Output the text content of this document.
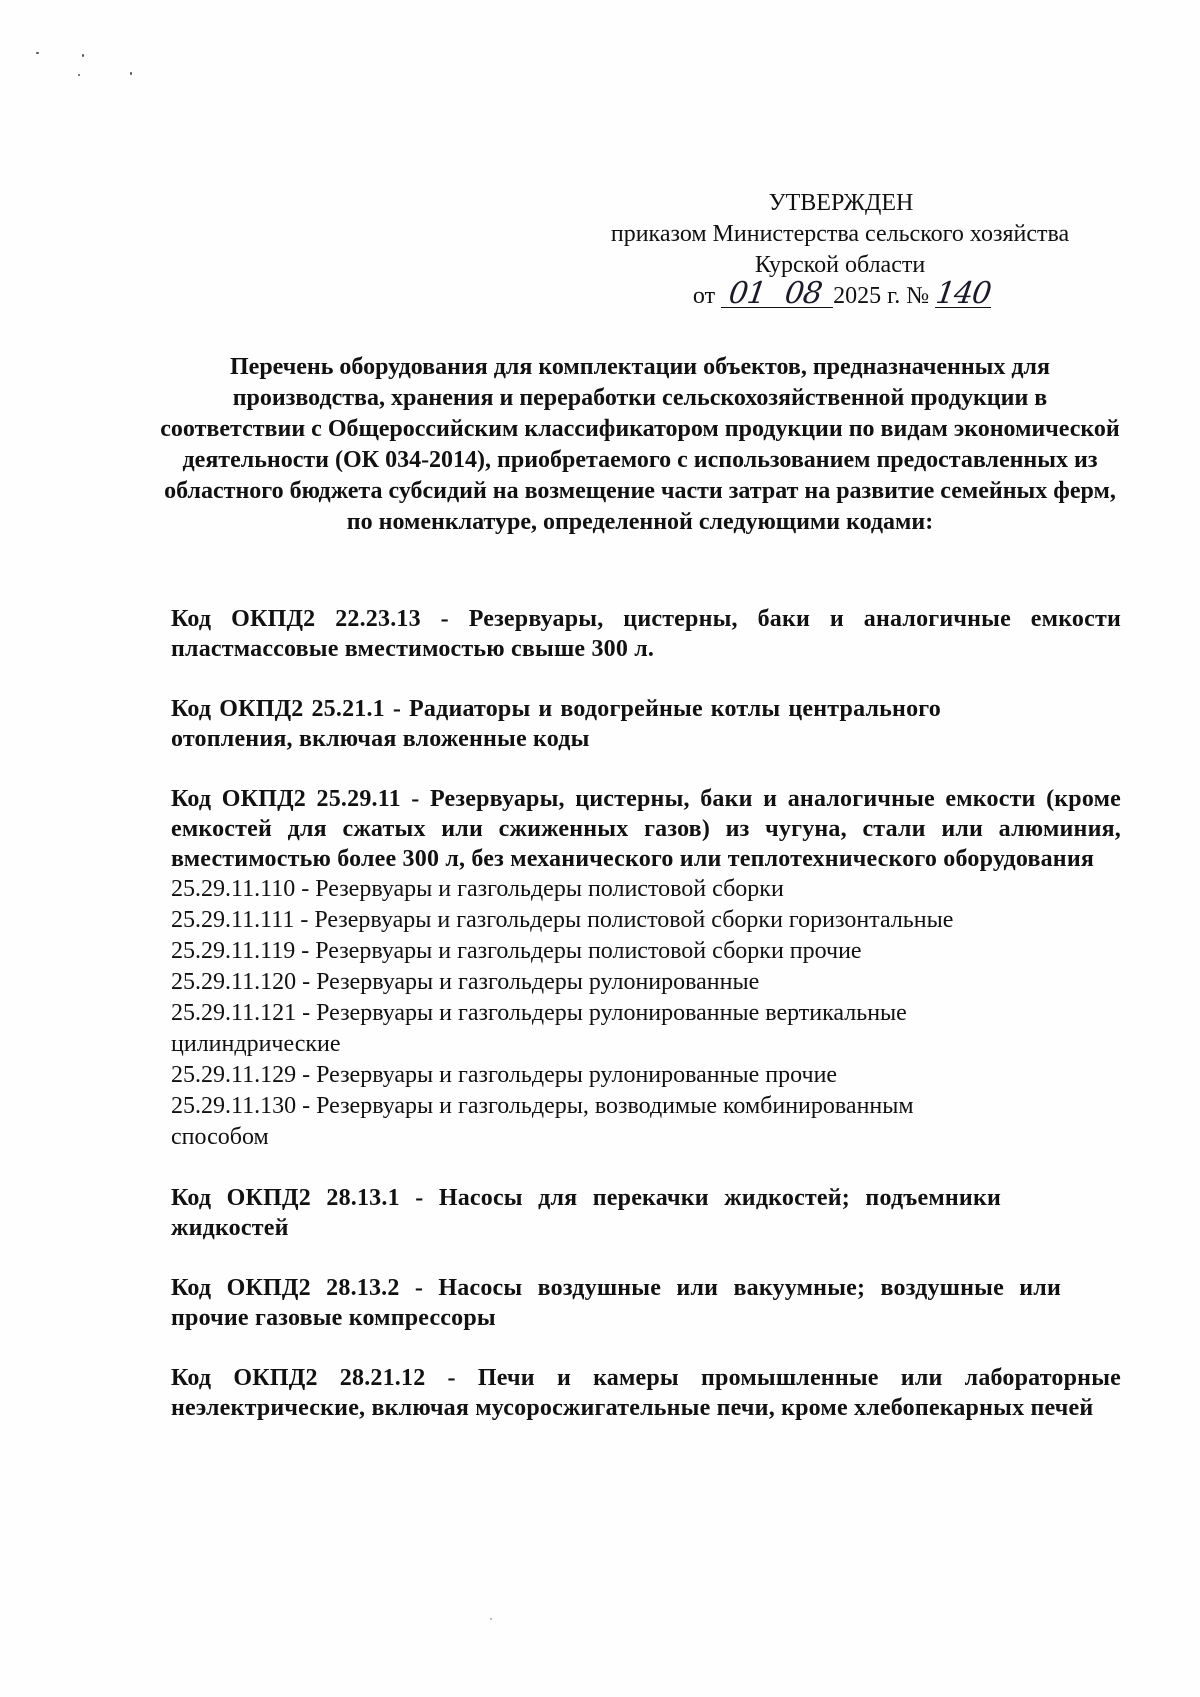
УТВЕРЖДЕН
приказом Министерства сельского хозяйства
Курской области
от 01 08 2025 г. № 140
Перечень оборудования для комплектации объектов, предназначенных для производства, хранения и переработки сельскохозяйственной продукции в соответствии с Общероссийским классификатором продукции по видам экономической деятельности (ОК 034-2014), приобретаемого с использованием предоставленных из областного бюджета субсидий на возмещение части затрат на развитие семейных ферм, по номенклатуре, определенной следующими кодами:
Код ОКПД2 22.23.13 - Резервуары, цистерны, баки и аналогичные емкости пластмассовые вместимостью свыше 300 л.
Код ОКПД2 25.21.1 - Радиаторы и водогрейные котлы центрального отопления, включая вложенные коды
Код ОКПД2 25.29.11 - Резервуары, цистерны, баки и аналогичные емкости (кроме емкостей для сжатых или сжиженных газов) из чугуна, стали или алюминия, вместимостью более 300 л, без механического или теплотехнического оборудования
25.29.11.110 - Резервуары и газгольдеры полистовой сборки
25.29.11.111 - Резервуары и газгольдеры полистовой сборки горизонтальные
25.29.11.119 - Резервуары и газгольдеры полистовой сборки прочие
25.29.11.120 - Резервуары и газгольдеры рулонированные
25.29.11.121 - Резервуары и газгольдеры рулонированные вертикальные цилиндрические
25.29.11.129 - Резервуары и газгольдеры рулонированные прочие
25.29.11.130 - Резервуары и газгольдеры, возводимые комбинированным способом
Код ОКПД2 28.13.1 - Насосы для перекачки жидкостей; подъемники жидкостей
Код ОКПД2 28.13.2 - Насосы воздушные или вакуумные; воздушные или прочие газовые компрессоры
Код ОКПД2 28.21.12 - Печи и камеры промышленные или лабораторные неэлектрические, включая мусоросжигательные печи, кроме хлебопекарных печей
